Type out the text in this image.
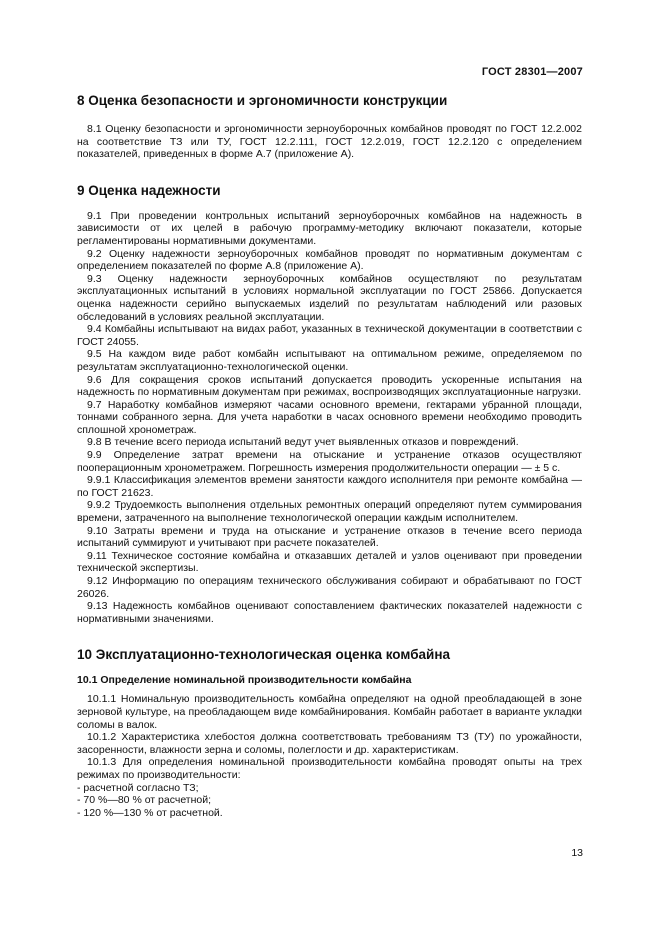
ГОСТ 28301—2007
8 Оценка безопасности и эргономичности конструкции

8.1 Оценку безопасности и эргономичности зерноуборочных комбайнов проводят по ГОСТ 12.2.002 на соответствие ТЗ или ТУ, ГОСТ 12.2.111, ГОСТ 12.2.019, ГОСТ 12.2.120 с определением показателей, приведенных в форме А.7 (приложение А).

9 Оценка надежности

9.1 При проведении контрольных испытаний зерноуборочных комбайнов на надежность в зависимости от их целей в рабочую программу-методику включают показатели, которые регламентированы нормативными документами.

9.2 Оценку надежности зерноуборочных комбайнов проводят по нормативным документам с определением показателей по форме А.8 (приложение А).

9.3 Оценку надежности зерноуборочных комбайнов осуществляют по результатам эксплуатационных испытаний в условиях нормальной эксплуатации по ГОСТ 25866. Допускается оценка надежности серийно выпускаемых изделий по результатам наблюдений или разовых обследований в условиях реальной эксплуатации.

9.4 Комбайны испытывают на видах работ, указанных в технической документации в соответствии с ГОСТ 24055.

9.5 На каждом виде работ комбайн испытывают на оптимальном режиме, определяемом по результатам эксплуатационно-технологической оценки.

9.6 Для сокращения сроков испытаний допускается проводить ускоренные испытания на надежность по нормативным документам при режимах, воспроизводящих эксплуатационные нагрузки.

9.7 Наработку комбайнов измеряют часами основного времени, гектарами убранной площади, тоннами собранного зерна. Для учета наработки в часах основного времени необходимо проводить сплошной хронометраж.

9.8 В течение всего периода испытаний ведут учет выявленных отказов и повреждений.

9.9 Определение затрат времени на отыскание и устранение отказов осуществляют пооперационным хронометражем. Погрешность измерения продолжительности операции — ± 5 с.

9.9.1 Классификация элементов времени занятости каждого исполнителя при ремонте комбайна — по ГОСТ 21623.

9.9.2 Трудоемкость выполнения отдельных ремонтных операций определяют путем суммирования времени, затраченного на выполнение технологической операции каждым исполнителем.

9.10 Затраты времени и труда на отыскание и устранение отказов в течение всего периода испытаний суммируют и учитывают при расчете показателей.

9.11 Техническое состояние комбайна и отказавших деталей и узлов оценивают при проведении технической экспертизы.

9.12 Информацию по операциям технического обслуживания собирают и обрабатывают по ГОСТ 26026.

9.13 Надежность комбайнов оценивают сопоставлением фактических показателей надежности с нормативными значениями.

10 Эксплуатационно-технологическая оценка комбайна
10.1 Определение номинальной производительности комбайна

10.1.1 Номинальную производительность комбайна определяют на одной преобладающей в зоне зерновой культуре, на преобладающем виде комбайнирования. Комбайн работает в варианте укладки соломы в валок.

10.1.2 Характеристика хлебостоя должна соответствовать требованиям ТЗ (ТУ) по урожайности, засоренности, влажности зерна и соломы, полеглости и др. характеристикам.

10.1.3 Для определения номинальной производительности комбайна проводят опыты на трех режимах по производительности:

- расчетной согласно ТЗ;
- 70 %—80 % от расчетной;
- 120 %—130 % от расчетной.
13
